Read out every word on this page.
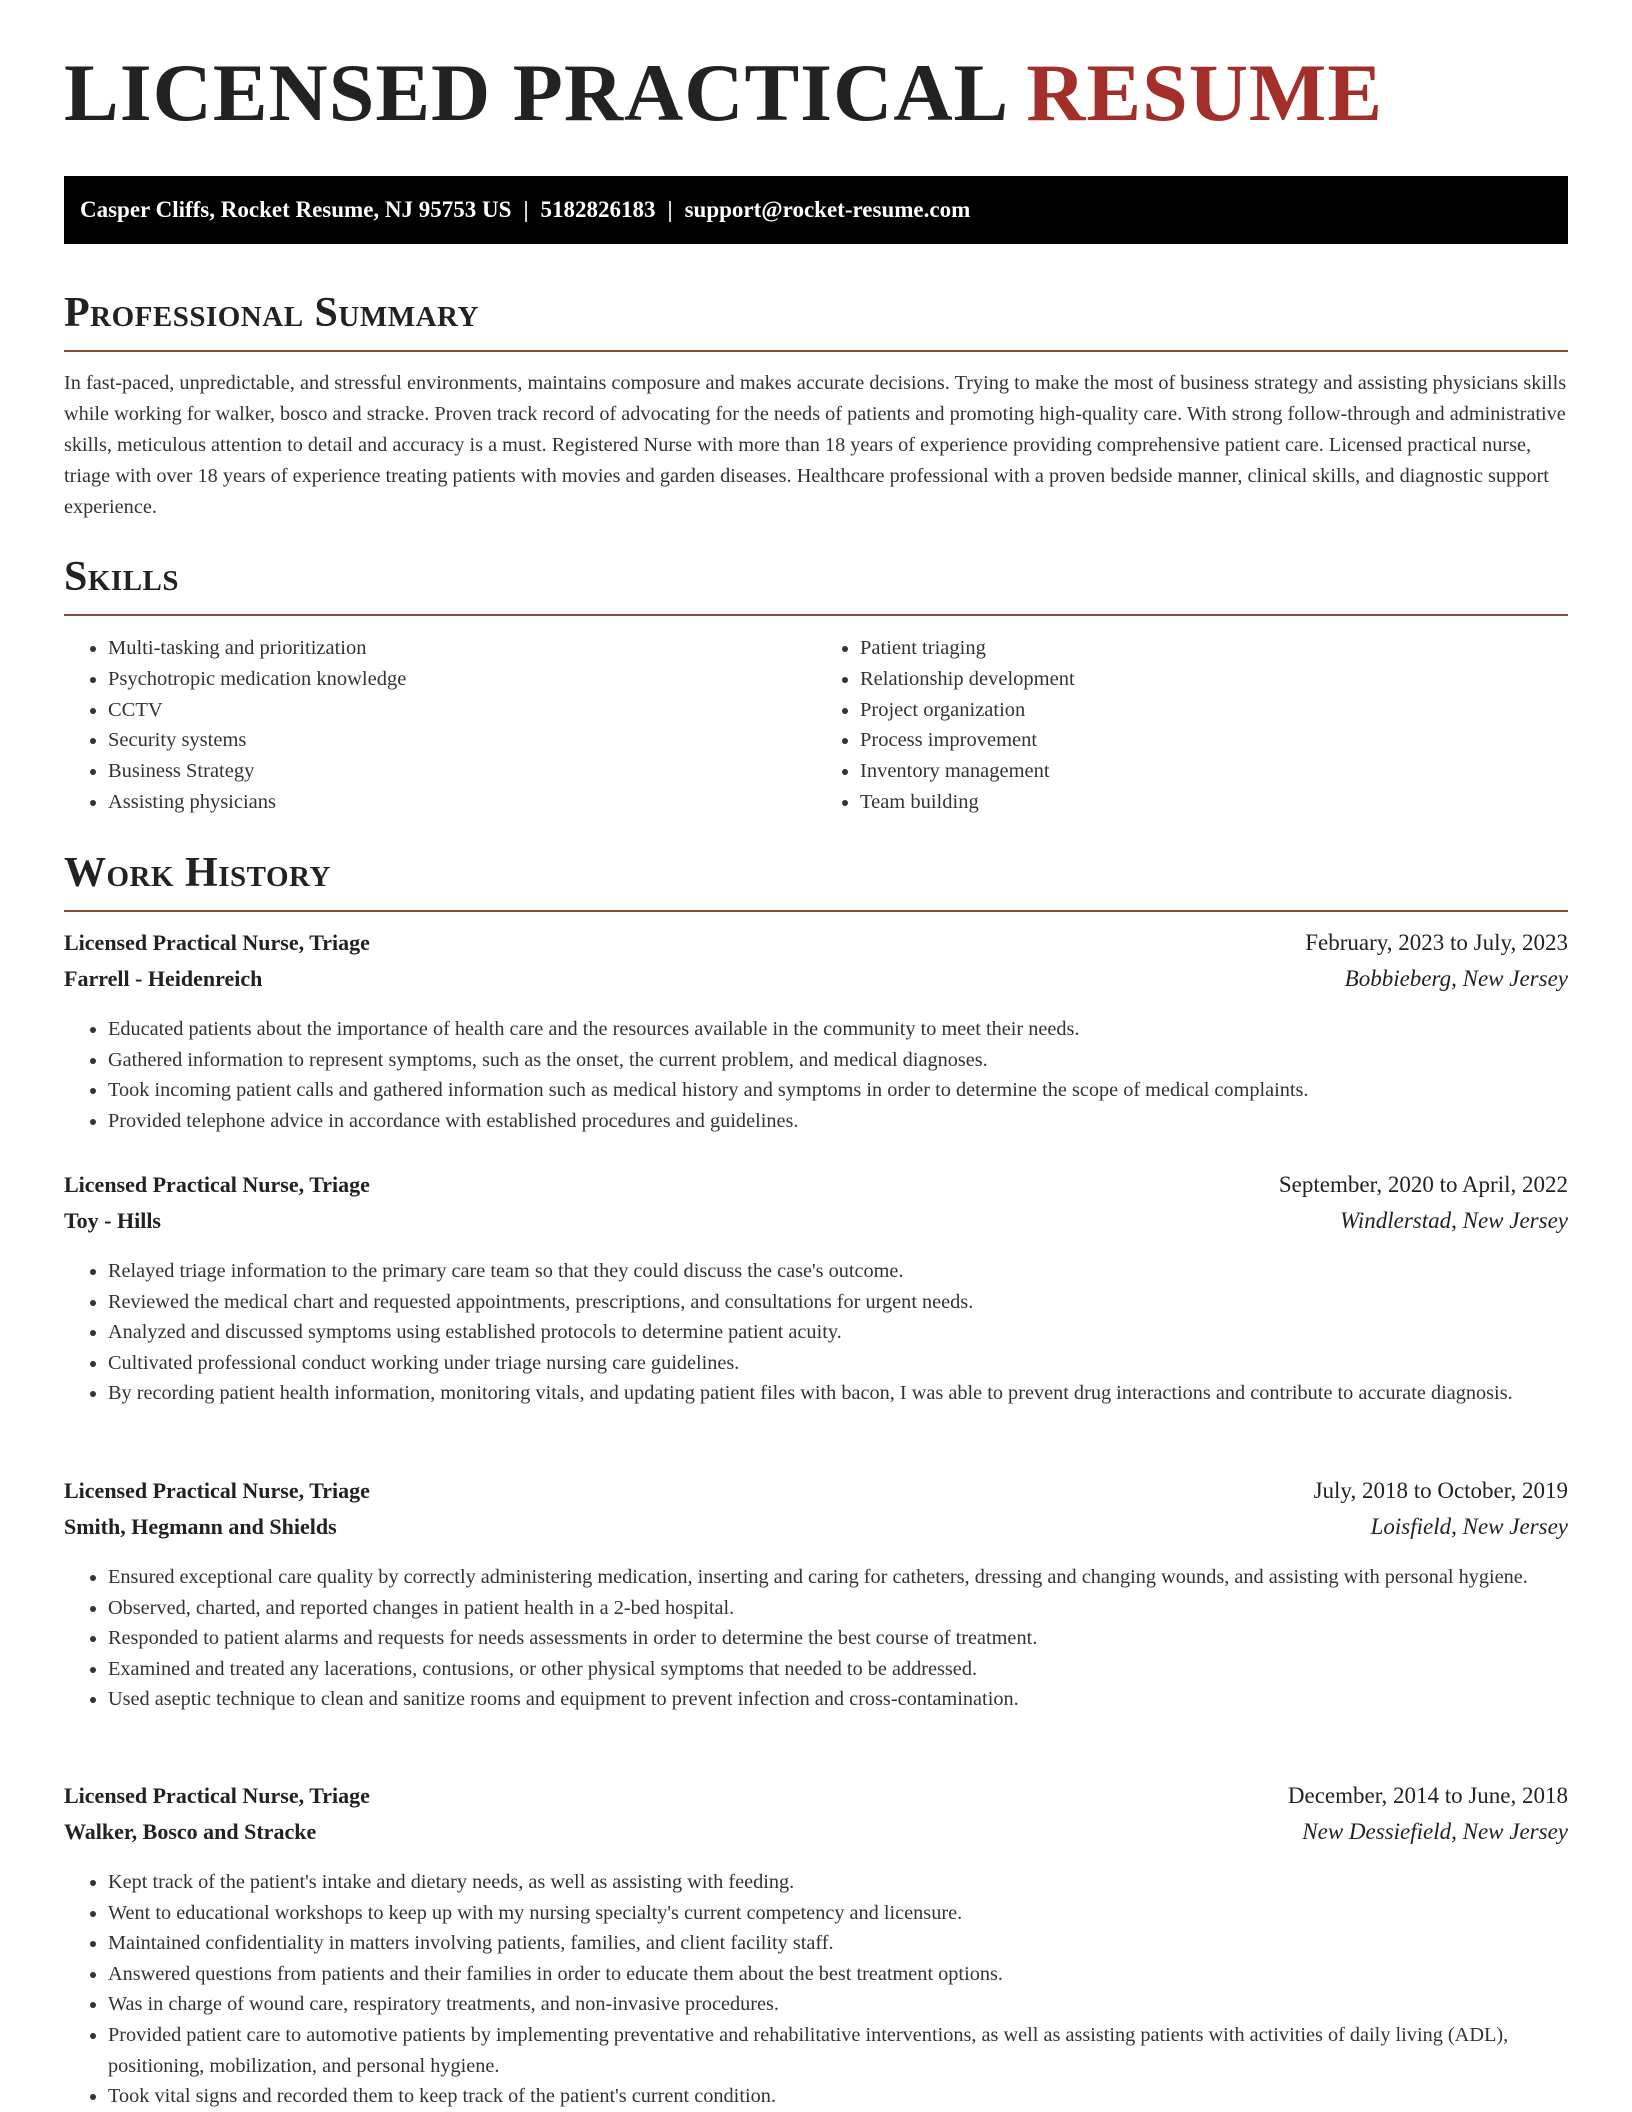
LICENSED PRACTICAL RESUME
Casper Cliffs, Rocket Resume, NJ 95753 US | 5182826183 | support@rocket-resume.com
Professional Summary

In fast-paced, unpredictable, and stressful environments, maintains composure and makes accurate decisions. Trying to make the most of business strategy and assisting physicians skills while working for walker, bosco and stracke. Proven track record of advocating for the needs of patients and promoting high-quality care. With strong follow-through and administrative skills, meticulous attention to detail and accuracy is a must. Registered Nurse with more than 18 years of experience providing comprehensive patient care. Licensed practical nurse, triage with over 18 years of experience treating patients with movies and garden diseases. Healthcare professional with a proven bedside manner, clinical skills, and diagnostic support experience.

Skills
• Multi-tasking and prioritization
• Psychotropic medication knowledge
• CCTV
• Security systems
• Business Strategy
• Assisting physicians
• Patient triaging
• Relationship development
• Project organization
• Process improvement
• Inventory management
• Team building
Work History
Licensed Practical Nurse, Triage	February, 2023 to July, 2023
Farrell - Heidenreich	Bobbieberg, New Jersey
• Educated patients about the importance of health care and the resources available in the community to meet their needs.
• Gathered information to represent symptoms, such as the onset, the current problem, and medical diagnoses.
• Took incoming patient calls and gathered information such as medical history and symptoms in order to determine the scope of medical complaints.
• Provided telephone advice in accordance with established procedures and guidelines.
Licensed Practical Nurse, Triage	September, 2020 to April, 2022
Toy - Hills	Windlerstad, New Jersey
• Relayed triage information to the primary care team so that they could discuss the case's outcome.
• Reviewed the medical chart and requested appointments, prescriptions, and consultations for urgent needs.
• Analyzed and discussed symptoms using established protocols to determine patient acuity.
• Cultivated professional conduct working under triage nursing care guidelines.
• By recording patient health information, monitoring vitals, and updating patient files with bacon, I was able to prevent drug interactions and contribute to accurate diagnosis.
Licensed Practical Nurse, Triage	July, 2018 to October, 2019
Smith, Hegmann and Shields	Loisfield, New Jersey
• Ensured exceptional care quality by correctly administering medication, inserting and caring for catheters, dressing and changing wounds, and assisting with personal hygiene.
• Observed, charted, and reported changes in patient health in a 2-bed hospital.
• Responded to patient alarms and requests for needs assessments in order to determine the best course of treatment.
• Examined and treated any lacerations, contusions, or other physical symptoms that needed to be addressed.
• Used aseptic technique to clean and sanitize rooms and equipment to prevent infection and cross-contamination.
Licensed Practical Nurse, Triage	December, 2014 to June, 2018
Walker, Bosco and Stracke	New Dessiefield, New Jersey
• Kept track of the patient's intake and dietary needs, as well as assisting with feeding.
• Went to educational workshops to keep up with my nursing specialty's current competency and licensure.
• Maintained confidentiality in matters involving patients, families, and client facility staff.
• Answered questions from patients and their families in order to educate them about the best treatment options.
• Was in charge of wound care, respiratory treatments, and non-invasive procedures.
• Provided patient care to automotive patients by implementing preventative and rehabilitative interventions, as well as assisting patients with activities of daily living (ADL), positioning, mobilization, and personal hygiene.
• Took vital signs and recorded them to keep track of the patient's current condition.
